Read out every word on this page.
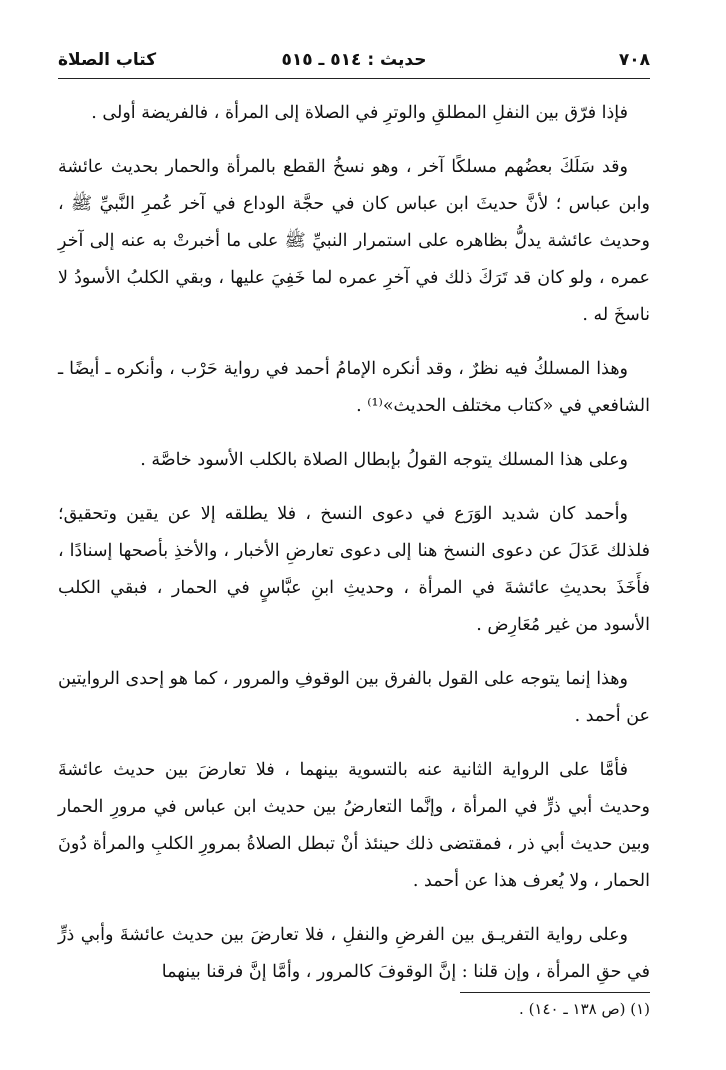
٧٠٨
حديث : ٥١٤ ـ ٥١٥
كتاب الصلاة

فإذا فرّق بين النفلِ المطلقِ والوترِ في الصلاة إلى المرأة ، فالفريضة أولى .

وقد سَلَكَ بعضُهم مسلكًا آخر ، وهو نسخُ القطع بالمرأة والحمار بحديث عائشة وابن عباس ؛ لأنَّ حديثَ ابن عباس كان في حجَّة الوداع في آخر عُمرِ النَّبيِّ ﷺ ، وحديث عائشة يدلُّ بظاهره على استمرار النبيِّ ﷺ على ما أخبرتْ به عنه إلى آخرِ عمره ، ولو كان قد تَرَكَ ذلك في آخرِ عمره لما خَفِيَ عليها ، وبقي الكلبُ الأسودُ لا ناسخَ له .

وهذا المسلكُ فيه نظرٌ ، وقد أنكره الإمامُ أحمد في رواية حَرْب ، وأنكره ـ أيضًا ـ الشافعي في «كتاب مختلف الحديث»⁽¹⁾ .

وعلى هذا المسلك يتوجه القولُ بإبطال الصلاة بالكلب الأسود خاصَّة .

وأحمد كان شديد الوَرَع في دعوى النسخ ، فلا يطلقه إلا عن يقين وتحقيق؛ فلذلك عَدَلَ عن دعوى النسخ هنا إلى دعوى تعارضِ الأخبار ، والأخذِ بأصحها إسنادًا ، فأَخَذَ بحديثِ عائشةَ في المرأة ، وحديثِ ابنِ عبَّاسٍ في الحمار ، فبقي الكلب الأسود من غير مُعَارِض .

وهذا إنما يتوجه على القول بالفرق بين الوقوفِ والمرور ، كما هو إحدى الروايتين عن أحمد .

فأمَّا على الرواية الثانية عنه بالتسوية بينهما ، فلا تعارضَ بين حديث عائشةَ وحديث أبي ذرٍّ في المرأة ، وإنَّما التعارضُ بين حديث ابن عباس في مرورِ الحمار وبين حديث أبي ذر ، فمقتضى ذلك حينئذ أنْ تبطل الصلاةُ بمرورِ الكلبِ والمرأة دُونَ الحمار ، ولا يُعرف هذا عن أحمد .

وعلى رواية التفريـق بين الفرضِ والنفلِ ، فلا تعارضَ بين حديث عائشةَ وأبي ذرٍّ في حقِ المرأة ، وإن قلنا : إنَّ الوقوفَ كالمرور ، وأمَّا إنَّ فرقنا بينهما

(١) (ص ١٣٨ ـ ١٤٠) .
